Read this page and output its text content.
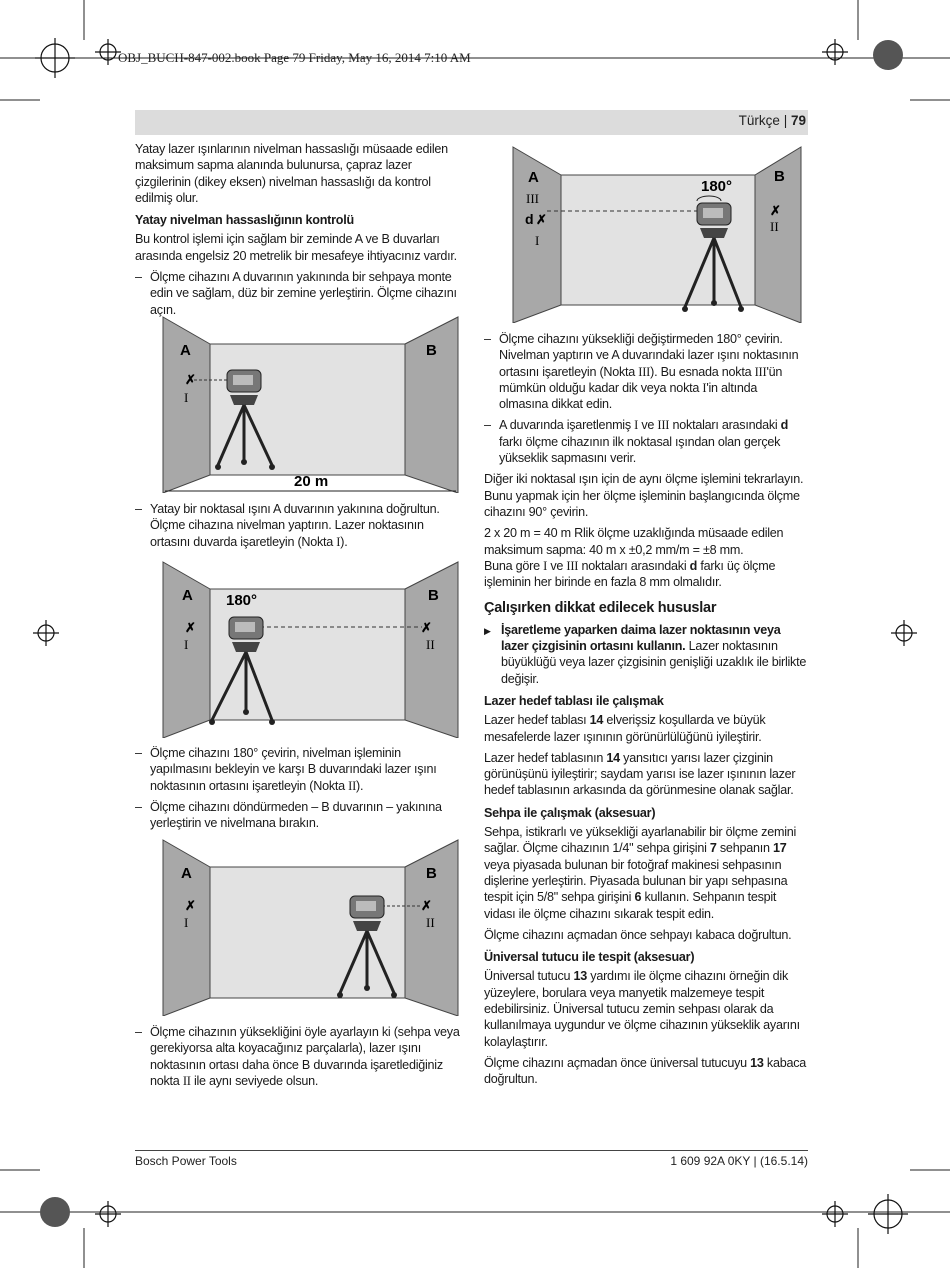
OBJ_BUCH-847-002.book Page 79 Friday, May 16, 2014 7:10 AM
Türkçe | 79

Yatay lazer ışınlarının nivelman hassaslığı müsaade edilen maksimum sapma alanında bulunursa, çapraz lazer çizgilerinin (dikey eksen) nivelman hassaslığı da kontrol edilmiş olur.

Yatay nivelman hassaslığının kontrolü

Bu kontrol işlemi için sağlam bir zeminde A ve B duvarları arasında engelsiz 20 metrelik bir mesafeye ihtiyacınız vardır.

– Ölçme cihazını A duvarının yakınında bir sehpaya monte edin ve sağlam, düz bir zemine yerleştirin. Ölçme cihazını açın.

A	B
✗
I
20 m

– Yatay bir noktasal ışını A duvarının yakınına doğrultun. Ölçme cihazına nivelman yaptırın. Lazer noktasının ortasını duvarda işaretleyin (Nokta I).

A	B
✗
I
✗
II
180°

– Ölçme cihazını 180° çevirin, nivelman işleminin yapılmasını bekleyin ve karşı B duvarındaki lazer ışını noktasının ortasını işaretleyin (Nokta II).

– Ölçme cihazını döndürmeden – B duvarının – yakınına yerleştirin ve nivelmana bırakın.

A	B
✗
I
✗
II

– Ölçme cihazının yüksekliğini öyle ayarlayın ki (sehpa veya gerekiyorsa alta koyacağınız parçalarla), lazer ışını noktasının ortası daha önce B duvarında işaretlediğiniz nokta II ile aynı seviyede olsun.

A	B
III
d ✗
I
✗
II
180°

– Ölçme cihazını yüksekliği değiştirmeden 180° çevirin. Nivelman yaptırın ve A duvarındaki lazer ışını noktasının ortasını işaretleyin (Nokta III). Bu esnada nokta III'ün mümkün olduğu kadar dik veya nokta I'in altında olmasına dikkat edin.

– A duvarında işaretlenmiş I ve III noktaları arasındaki d farkı ölçme cihazının ilk noktasal ışından olan gerçek yükseklik sapmasını verir.

Diğer iki noktasal ışın için de aynı ölçme işlemini tekrarlayın. Bunu yapmak için her ölçme işleminin başlangıcında ölçme cihazını 90° çevirin.

2 x 20 m = 40 m Rlik ölçme uzaklığında müsaade edilen maksimum sapma: 40 m x ±0,2 mm/m = ±8 mm.
Buna göre I ve III noktaları arasındaki d farkı üç ölçme işleminin her birinde en fazla 8 mm olmalıdır.

Çalışırken dikkat edilecek hususlar

▶ İşaretleme yaparken daima lazer noktasının veya lazer çizgisinin ortasını kullanın. Lazer noktasının büyüklüğü veya lazer çizgisinin genişliği uzaklık ile birlikte değişir.

Lazer hedef tablası ile çalışmak

Lazer hedef tablası 14 elverişsiz koşullarda ve büyük mesafelerde lazer ışınının görünürlülüğünü iyileştirir.

Lazer hedef tablasının 14 yansıtıcı yarısı lazer çizginin görünüşünü iyileştirir; saydam yarısı ise lazer ışınının lazer hedef tablasının arkasında da görünmesine olanak sağlar.

Sehpa ile çalışmak (aksesuar)

Sehpa, istikrarlı ve yüksekliği ayarlanabilir bir ölçme zemini sağlar. Ölçme cihazının 1/4" sehpa girişini 7 sehpanın 17 veya piyasada bulunan bir fotoğraf makinesi sehpasının dişlerine yerleştirin. Piyasada bulunan bir yapı sehpasına tespit için 5/8" sehpa girişini 6 kullanın. Sehpanın tespit vidası ile ölçme cihazını sıkarak tespit edin.

Ölçme cihazını açmadan önce sehpayı kabaca doğrultun.

Üniversal tutucu ile tespit (aksesuar)

Üniversal tutucu 13 yardımı ile ölçme cihazını örneğin dik yüzeylere, borulara veya manyetik malzemeye tespit edebilirsiniz. Üniversal tutucu zemin sehpası olarak da kullanılmaya uygundur ve ölçme cihazının yükseklik ayarını kolaylaştırır.

Ölçme cihazını açmadan önce üniversal tutucuyu 13 kabaca doğrultun.

Bosch Power Tools	1 609 92A 0KY | (16.5.14)
